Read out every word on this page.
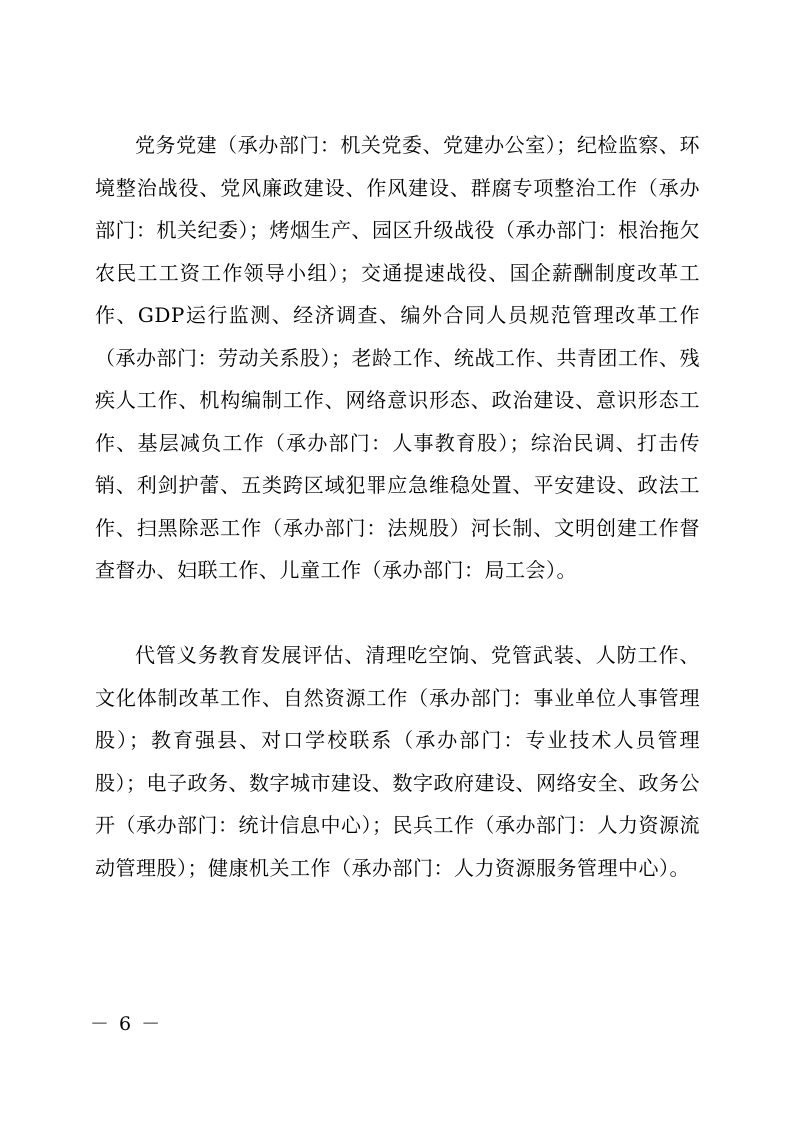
党务党建（承办部门：机关党委、党建办公室）；纪检监察、环境整治战役、党风廉政建设、作风建设、群腐专项整治工作（承办部门：机关纪委）；烤烟生产、园区升级战役（承办部门：根治拖欠农民工工资工作领导小组）；交通提速战役、国企薪酬制度改革工作、GDP运行监测、经济调查、编外合同人员规范管理改革工作（承办部门：劳动关系股）；老龄工作、统战工作、共青团工作、残疾人工作、机构编制工作、网络意识形态、政治建设、意识形态工作、基层减负工作（承办部门：人事教育股）；综治民调、打击传销、利剑护蕾、五类跨区域犯罪应急维稳处置、平安建设、政法工作、扫黑除恶工作（承办部门：法规股）河长制、文明创建工作督查督办、妇联工作、儿童工作（承办部门：局工会）。

代管义务教育发展评估、清理吃空饷、党管武装、人防工作、文化体制改革工作、自然资源工作（承办部门：事业单位人事管理股）；教育强县、对口学校联系（承办部门：专业技术人员管理股）；电子政务、数字城市建设、数字政府建设、网络安全、政务公开（承办部门：统计信息中心）；民兵工作（承办部门：人力资源流动管理股）；健康机关工作（承办部门：人力资源服务管理中心）。

－ 6 －
